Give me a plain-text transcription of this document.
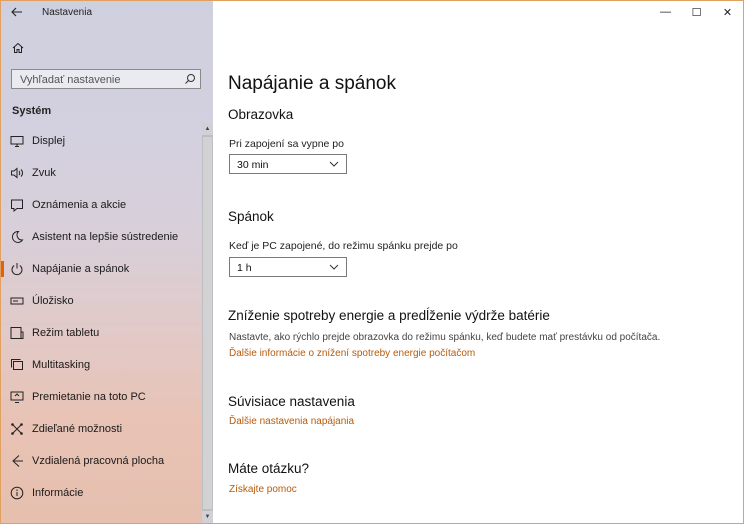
Nastavenia
Vyhľadať nastavenie
Systém
Displej
Zvuk
Oznámenia a akcie
Asistent na lepšie sústredenie
Napájanie a spánok
Úložisko
Režim tabletu
Multitasking
Premietanie na toto PC
Zdieľané možnosti
Vzdialená pracovná plocha
Informácie
▲
▼
—	☐	✕
Napájanie a spánok
Obrazovka
Pri zapojení sa vypne po
30 min
Spánok
Keď je PC zapojené, do režimu spánku prejde po
1 h
Zníženie spotreby energie a predĺženie výdrže batérie
Nastavte, ako rýchlo prejde obrazovka do režimu spánku, keď budete mať prestávku od počítača.
Ďalšie informácie o znížení spotreby energie počítačom
Súvisiace nastavenia
Ďalšie nastavenia napájania
Máte otázku?
Získajte pomoc
